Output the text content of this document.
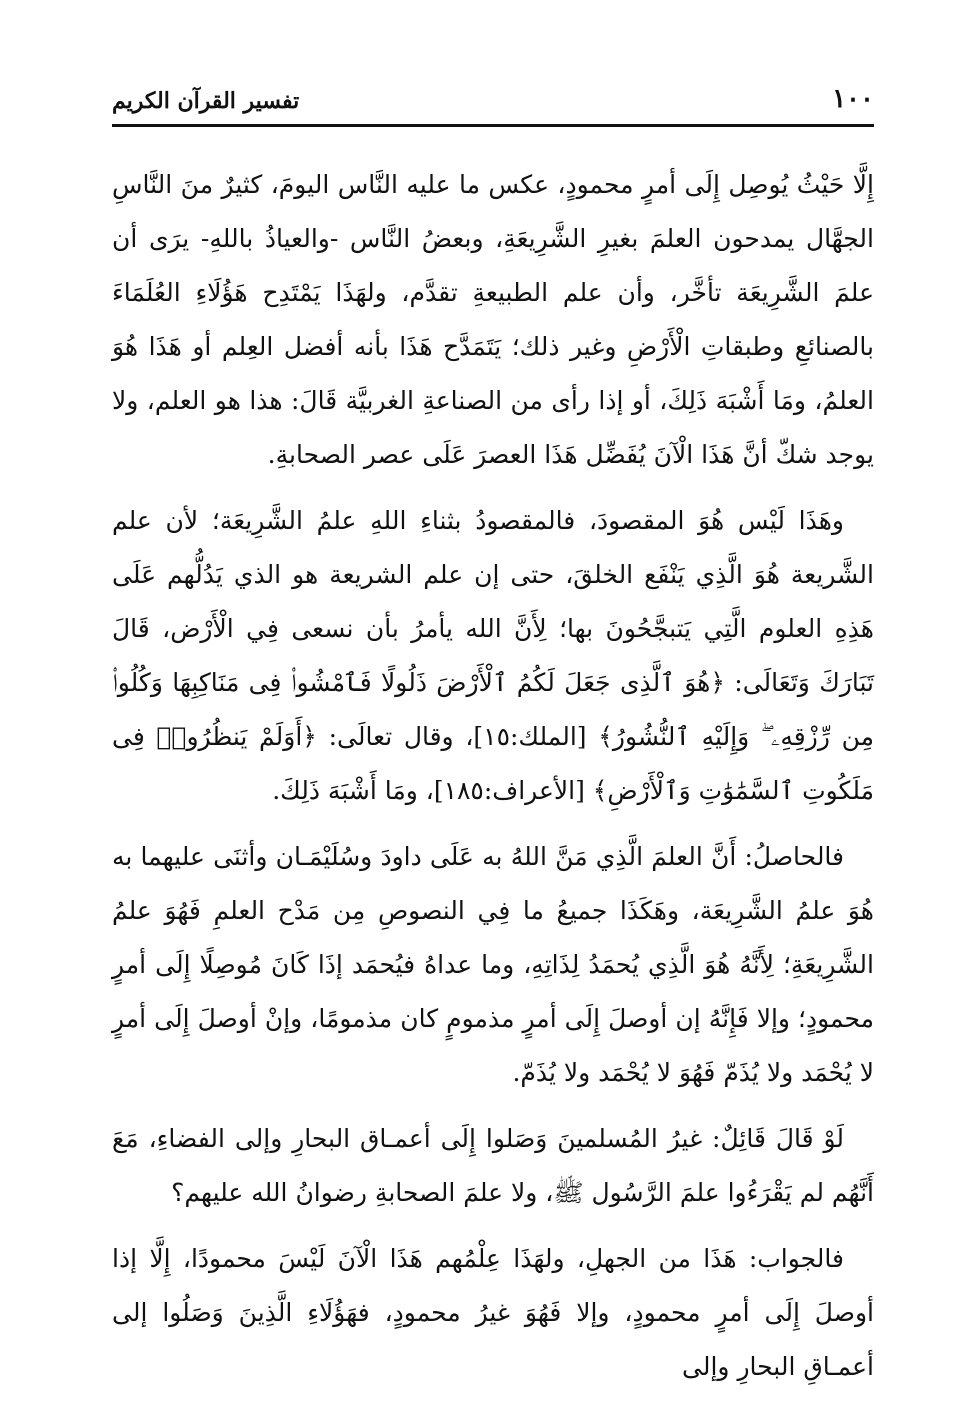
١٠٠
تفسير القرآن الكريم

إِلَّا حَيْثُ يُوصِل إِلَى أمرٍ محمودٍ، عكس ما عليه النَّاس اليومَ، كثيرٌ منَ النَّاسِ الجهَّال يمدحون العلمَ بغيرِ الشَّرِيعَةِ، وبعضُ النَّاس -والعياذُ باللهِ- يرَى أن علمَ الشَّرِيعَة تأخَّر، وأن علم الطبيعةِ تقدَّم، ولهَذَا يَمْتَدِح هَؤُلَاءِ العُلَمَاءَ بالصنائعِ وطبقاتِ الْأَرْضِ وغير ذلك؛ يَتَمَدَّح هَذَا بأنه أفضل العِلم أو هَذَا هُوَ العلمُ، ومَا أَشْبَهَ ذَلِكَ، أو إذا رأى من الصناعةِ الغربيَّة قَالَ: هذا هو العلم، ولا يوجد شكّ أنَّ هَذَا الْآنَ يُفَضِّل هَذَا العصرَ عَلَى عصر الصحابةِ.

وهَذَا لَيْس هُوَ المقصودَ، فالمقصودُ بثناءِ اللهِ علمُ الشَّرِيعَة؛ لأن علم الشَّريعة هُوَ الَّذِي يَنْفَع الخلقَ، حتى إن علم الشريعة هو الذي يَدُلُّهم عَلَى هَذِهِ العلوم الَّتِي يَتبجَّحُونَ بها؛ لِأَنَّ الله يأمرُ بأن نسعى فِي الْأَرْض، قَالَ تَبَارَكَ وَتَعَالَى: ﴿هُوَ ٱلَّذِى جَعَلَ لَكُمُ ٱلْأَرْضَ ذَلُولًا فَٱمْشُوا۟ فِى مَنَاكِبِهَا وَكُلُوا۟ مِن رِّزْقِهِۦ ۖ وَإِلَيْهِ ٱلنُّشُورُ﴾ [الملك:١٥]، وقال تعالَى: ﴿أَوَلَمْ يَنظُرُوا۟ فِى مَلَكُوتِ ٱلسَّمَٰوَٰتِ وَٱلْأَرْضِ﴾ [الأعراف:١٨٥]، ومَا أَشْبَهَ ذَلِكَ.

فالحاصلُ: أَنَّ العلمَ الَّذِي مَنَّ اللهُ به عَلَى داودَ وسُلَيْمَـان وأثنَى عليهما به هُوَ علمُ الشَّرِيعَة، وهَكَذَا جميعُ ما فِي النصوصِ مِن مَدْح العلمِ فَهُوَ علمُ الشَّرِيعَةِ؛ لِأَنَّهُ هُوَ الَّذِي يُحمَدُ لِذَاتِهِ، وما عداهُ فيُحمَد إذَا كَانَ مُوصِلًا إِلَى أمرٍ محمودٍ؛ وإلا فَإِنَّهُ إن أوصلَ إِلَى أمرٍ مذمومٍ كان مذمومًا، وإنْ أوصلَ إِلَى أمرٍ لا يُحْمَد ولا يُذَمّ فَهُوَ لا يُحْمَد ولا يُذَمّ.

لَوْ قَالَ قَائِلٌ: غيرُ المُسلمينَ وَصَلوا إِلَى أعمـاق البحارِ وإلى الفضاءِ، مَعَ أَنَّهُم لم يَقْرَءُوا علمَ الرَّسُول ﷺ، ولا علمَ الصحابةِ رضوانُ الله عليهم؟

فالجواب: هَذَا من الجهلِ، ولهَذَا عِلْمُهم هَذَا الْآنَ لَيْسَ محمودًا، إِلَّا إذا أوصلَ إِلَى أمرٍ محمودٍ، وإلا فَهُوَ غيرُ محمودٍ، فهَؤُلَاءِ الَّذِينَ وَصَلُوا إلى أعمـاقِ البحارِ وإلى
